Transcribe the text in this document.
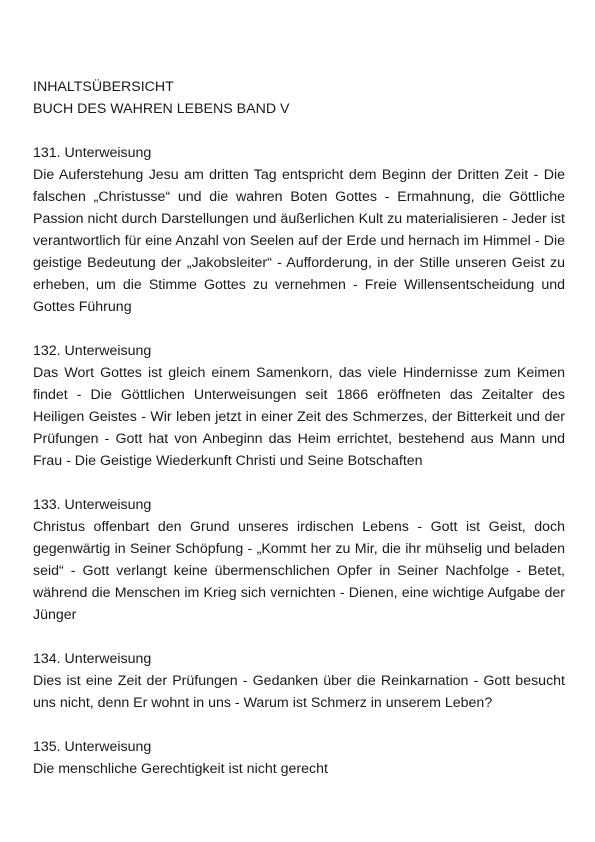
INHALTSÜBERSICHT
BUCH DES WAHREN LEBENS BAND V
131. Unterweisung
Die Auferstehung Jesu am dritten Tag entspricht dem Beginn der Dritten Zeit - Die falschen „Christusse“ und die wahren Boten Gottes - Ermahnung, die Göttliche Passion nicht durch Darstellungen und äußerlichen Kult zu materialisieren - Jeder ist verantwortlich für eine Anzahl von Seelen auf der Erde und hernach im Himmel - Die geistige Bedeutung der „Jakobsleiter“ - Aufforderung, in der Stille unseren Geist zu erheben, um die Stimme Gottes zu vernehmen - Freie Willensentscheidung und Gottes Führung
132. Unterweisung
Das Wort Gottes ist gleich einem Samenkorn, das viele Hindernisse zum Keimen findet - Die Göttlichen Unterweisungen seit 1866 eröffneten das Zeitalter des Heiligen Geistes - Wir leben jetzt in einer Zeit des Schmerzes, der Bitterkeit und der Prüfungen - Gott hat von Anbeginn das Heim errichtet, bestehend aus Mann und Frau - Die Geistige Wiederkunft Christi und Seine Botschaften
133. Unterweisung
Christus offenbart den Grund unseres irdischen Lebens - Gott ist Geist, doch gegenwärtig in Seiner Schöpfung - „Kommt her zu Mir, die ihr mühselig und beladen seid“ - Gott verlangt keine übermenschlichen Opfer in Seiner Nachfolge - Betet, während die Menschen im Krieg sich vernichten - Dienen, eine wichtige Aufgabe der Jünger
134. Unterweisung
Dies ist eine Zeit der Prüfungen - Gedanken über die Reinkarnation - Gott besucht uns nicht, denn Er wohnt in uns - Warum ist Schmerz in unserem Leben?
135. Unterweisung
Die menschliche Gerechtigkeit ist nicht gerecht
